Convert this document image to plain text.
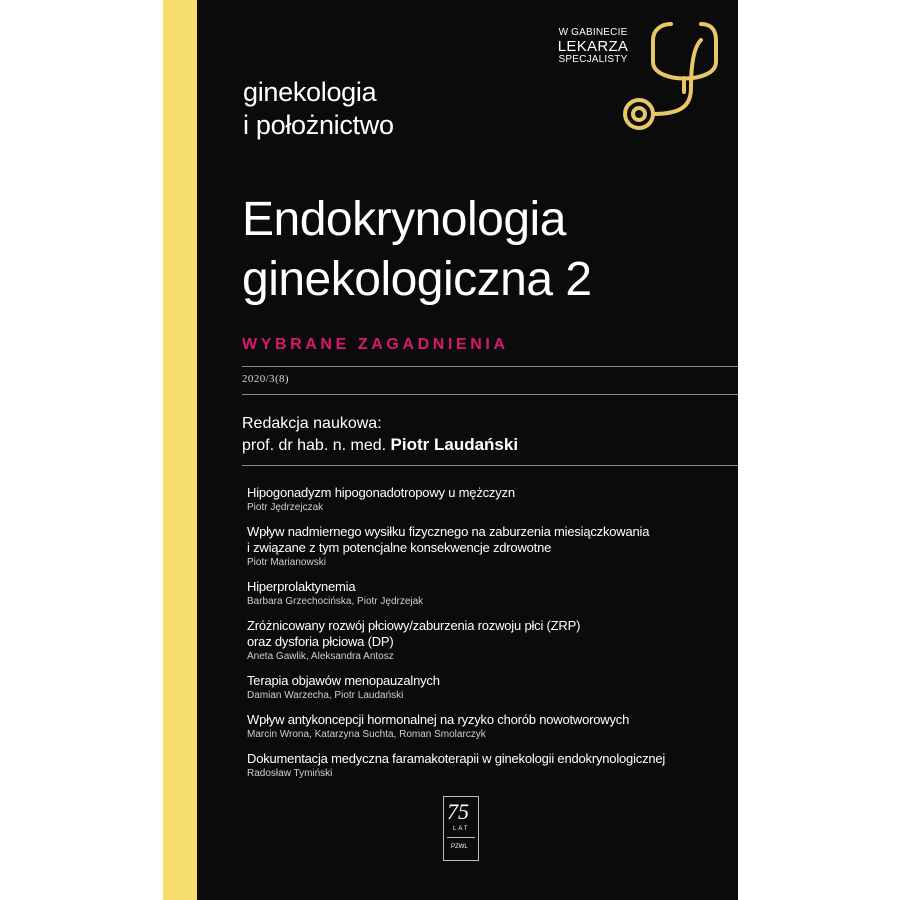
ginekologia
i położnictwo
W GABINECIE
LEKARZA
SPECJALISTY
Endokrynologia
ginekologiczna 2
WYBRANE ZAGADNIENIA
2020/3(8)
Redakcja naukowa:
prof. dr hab. n. med. Piotr Laudański
Hipogonadyzm hipogonadotropowy u mężczyzn
Piotr Jędrzejczak
Wpływ nadmiernego wysiłku fizycznego na zaburzenia miesiączkowania
i związane z tym potencjalne konsekwencje zdrowotne
Piotr Marianowski
Hiperprolaktynemia
Barbara Grzechocińska, Piotr Jędrzejak
Zróżnicowany rozwój płciowy/zaburzenia rozwoju płci (ZRP)
oraz dysforia płciowa (DP)
Aneta Gawlik, Aleksandra Antosz
Terapia objawów menopauzalnych
Damian Warzecha, Piotr Laudański
Wpływ antykoncepcji hormonalnej na ryzyko chorób nowotworowych
Marcin Wrona, Katarzyna Suchta, Roman Smolarczyk
Dokumentacja medyczna faramakoterapii w ginekologii endokrynologicznej
Radosław Tymiński
75
LAT
PZWL
